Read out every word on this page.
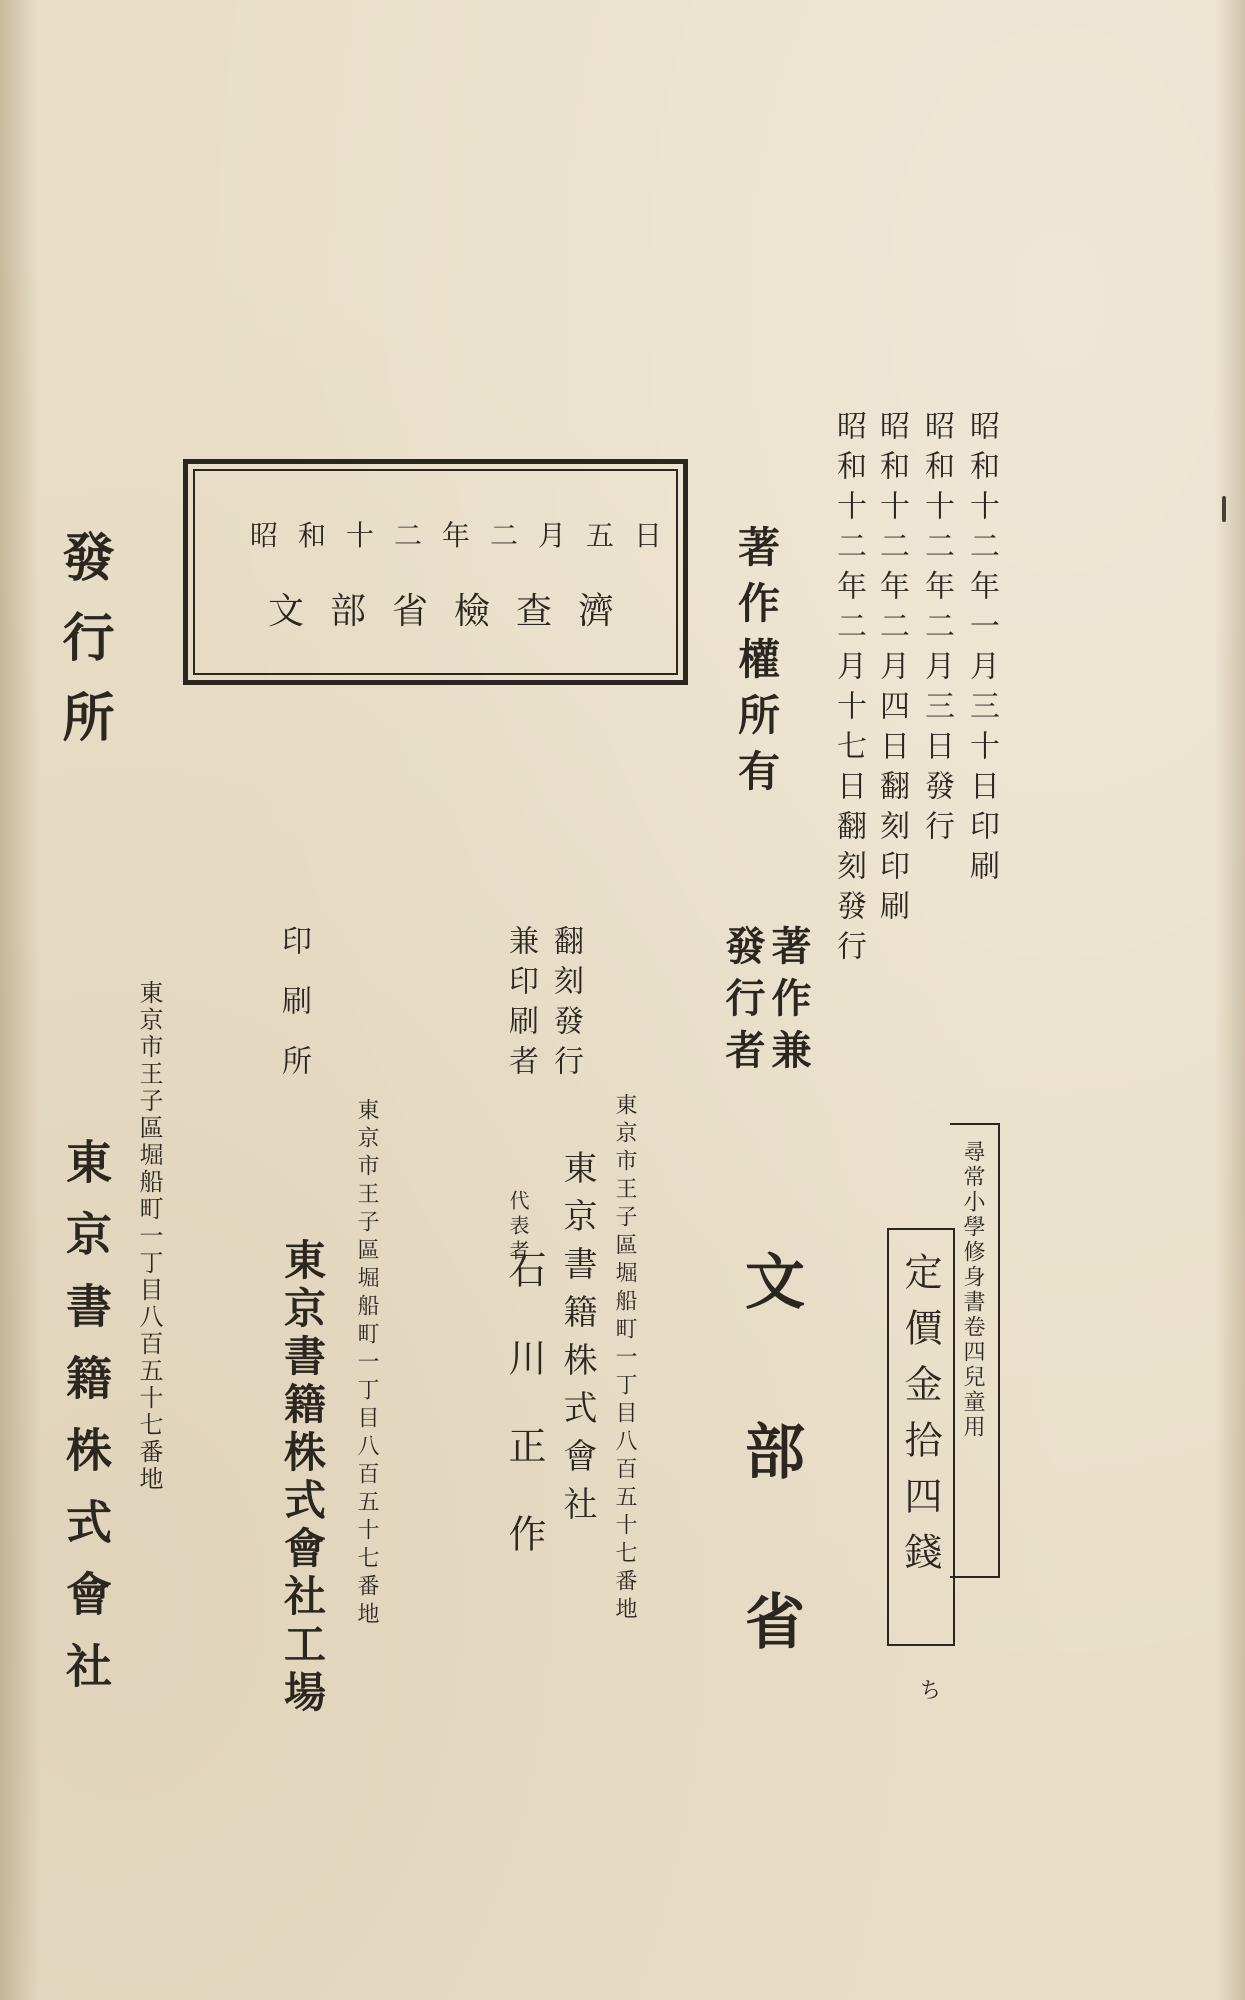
昭和十二年一月三十日印刷
昭和十二年二月三日發行
昭和十二年二月四日翻刻印刷
昭和十二年二月十七日翻刻發行
著作權所有
昭和十二年二月五日
文部省檢查濟
著作兼
發行者
文部省
翻刻發行
兼印刷者
東京市王子區堀船町一丁目八百五十七番地
東京書籍株式會社
代表者
石川正作
印刷所
東京市王子區堀船町一丁目八百五十七番地
東京書籍株式會社工場
發行所
東京市王子區堀船町一丁目八百五十七番地
東京書籍株式會社	尋常小學修身書卷四兒童用
定價金拾四錢
ち
